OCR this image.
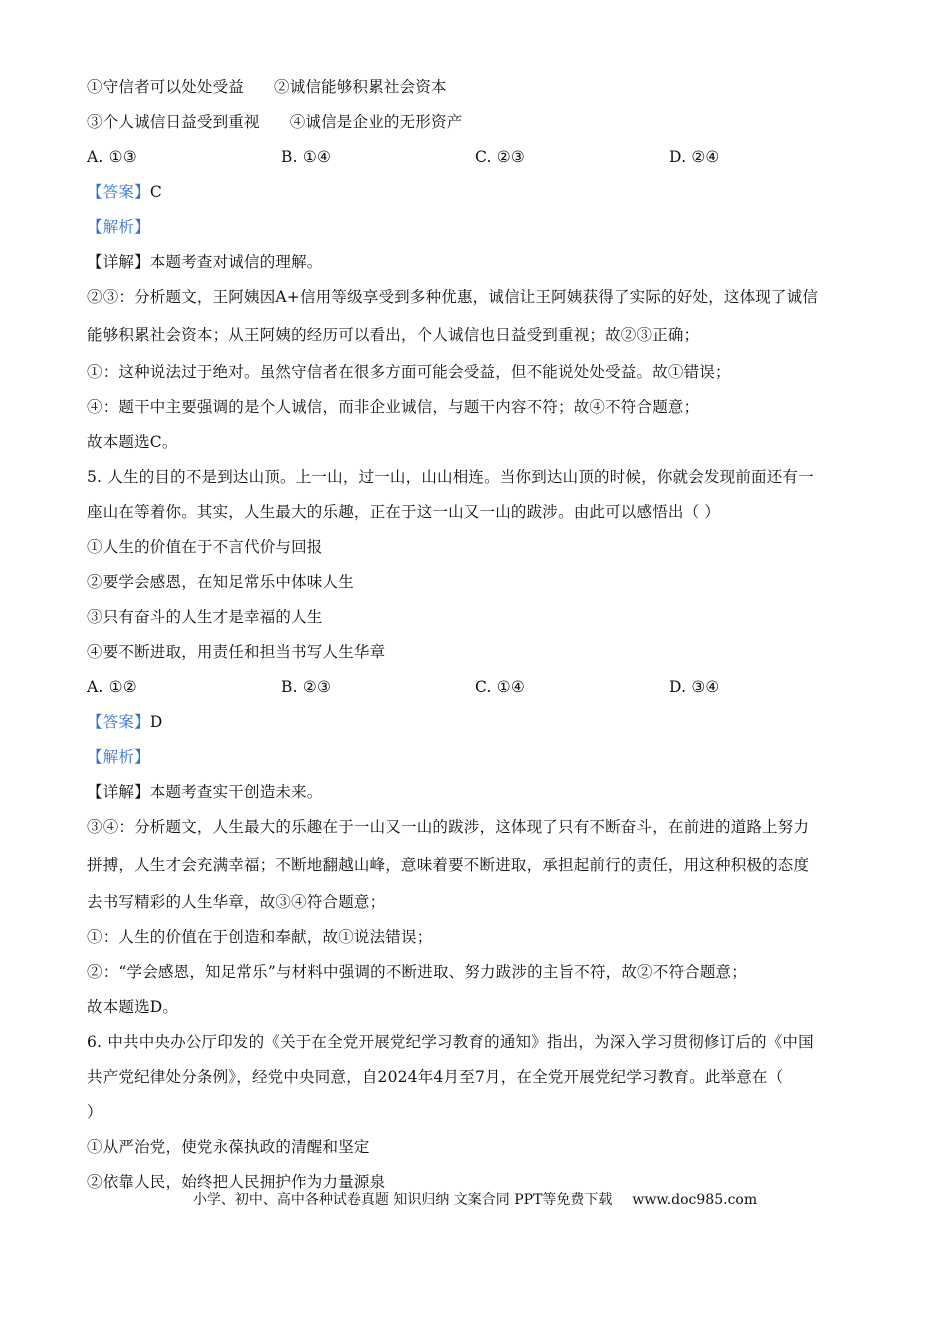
①守信者可以处处受益 ②诚信能够积累社会资本
③个人诚信日益受到重视 ④诚信是企业的无形资产
A. ①③	B. ①④	C. ②③	D. ②④
【答案】C
【解析】
【详解】本题考查对诚信的理解。
②③：分析题文，王阿姨因A+信用等级享受到多种优惠，诚信让王阿姨获得了实际的好处，这体现了诚信
能够积累社会资本；从王阿姨的经历可以看出，个人诚信也日益受到重视；故②③正确；
①：这种说法过于绝对。虽然守信者在很多方面可能会受益，但不能说处处受益。故①错误；
④：题干中主要强调的是个人诚信，而非企业诚信，与题干内容不符；故④不符合题意；
故本题选C。
5. 人生的目的不是到达山顶。上一山，过一山，山山相连。当你到达山顶的时候，你就会发现前面还有一
座山在等着你。其实，人生最大的乐趣，正在于这一山又一山的跋涉。由此可以感悟出（ ）
①人生的价值在于不言代价与回报
②要学会感恩，在知足常乐中体味人生
③只有奋斗的人生才是幸福的人生
④要不断进取，用责任和担当书写人生华章
A. ①②	B. ②③	C. ①④	D. ③④
【答案】D
【解析】
【详解】本题考查实干创造未来。
③④：分析题文，人生最大的乐趣在于一山又一山的跋涉，这体现了只有不断奋斗，在前进的道路上努力
拼搏，人生才会充满幸福；不断地翻越山峰，意味着要不断进取，承担起前行的责任，用这种积极的态度
去书写精彩的人生华章，故③④符合题意；
①：人生的价值在于创造和奉献，故①说法错误；
②：“学会感恩，知足常乐”与材料中强调的不断进取、努力跋涉的主旨不符，故②不符合题意；
故本题选D。
6. 中共中央办公厅印发的《关于在全党开展党纪学习教育的通知》指出，为深入学习贯彻修订后的《中国
共产党纪律处分条例》，经党中央同意，自2024年4月至7月，在全党开展党纪学习教育。此举意在（
）
①从严治党，使党永葆执政的清醒和坚定
②依靠人民，始终把人民拥护作为力量源泉
小学、初中、高中各种试卷真题 知识归纳 文案合同 PPT等免费下载 www.doc985.com
